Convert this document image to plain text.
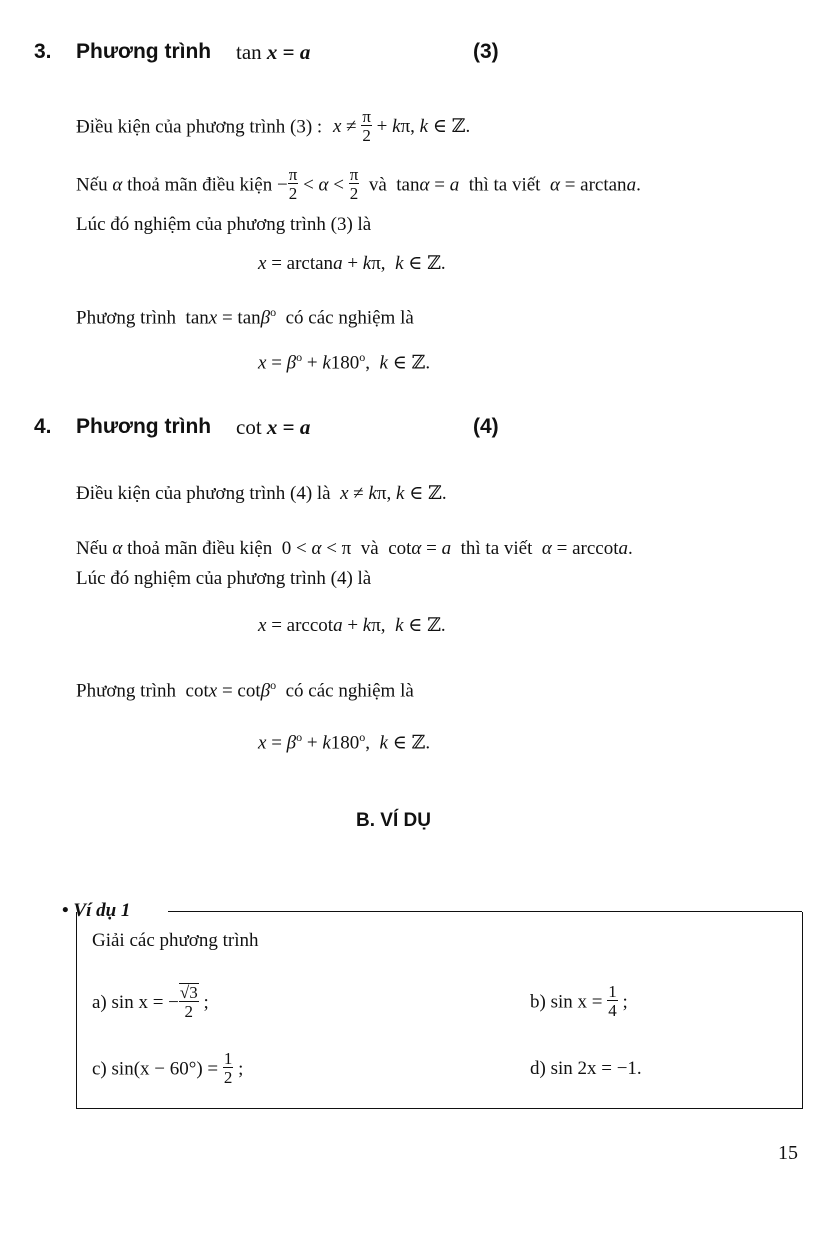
3. Phương trình tan x = a	(3)
Điều kiện của phương trình (3) : $x \ne \frac{\pi}{2} + k\pi$, k ∈ ℤ.
Nếu α thoả mãn điều kiện − $\frac{\pi}{2} < \alpha < \frac{\pi}{2}$ và  tanα = a thì ta viết α = arctana.
Lúc đó nghiệm của phương trình (3) là
x = arctana + kπ,  k ∈ ℤ.
Phương trình  tanx = tanβ$^o$ có các nghiệm là
$x = \beta^o + k180^o$,  k ∈ ℤ.
4. Phương trình cot x = a	(4)
Điều kiện của phương trình (4) là x ≠ kπ, k ∈ ℤ.
Nếu α thoả mãn điều kiện  0 < α < π  và  cotα = a thì ta viết α = arccota.
Lúc đó nghiệm của phương trình (4) là
x = arccota + kπ,  k ∈ ℤ.
Phương trình  cotx = cotβ$^o$ có các nghiệm là
$x = \beta^o + k180^o$,  k ∈ ℤ.
B. VÍ DỤ
• Ví dụ 1
Giải các phương trình
a) sin x = − $\frac{√3}{2}$ ;	b) $\sin x = \frac{1}{4}$ ;
c) $\sin(x - 60^\circ) = \frac{1}{2}$ ;	d) sin 2x = −1.
15
